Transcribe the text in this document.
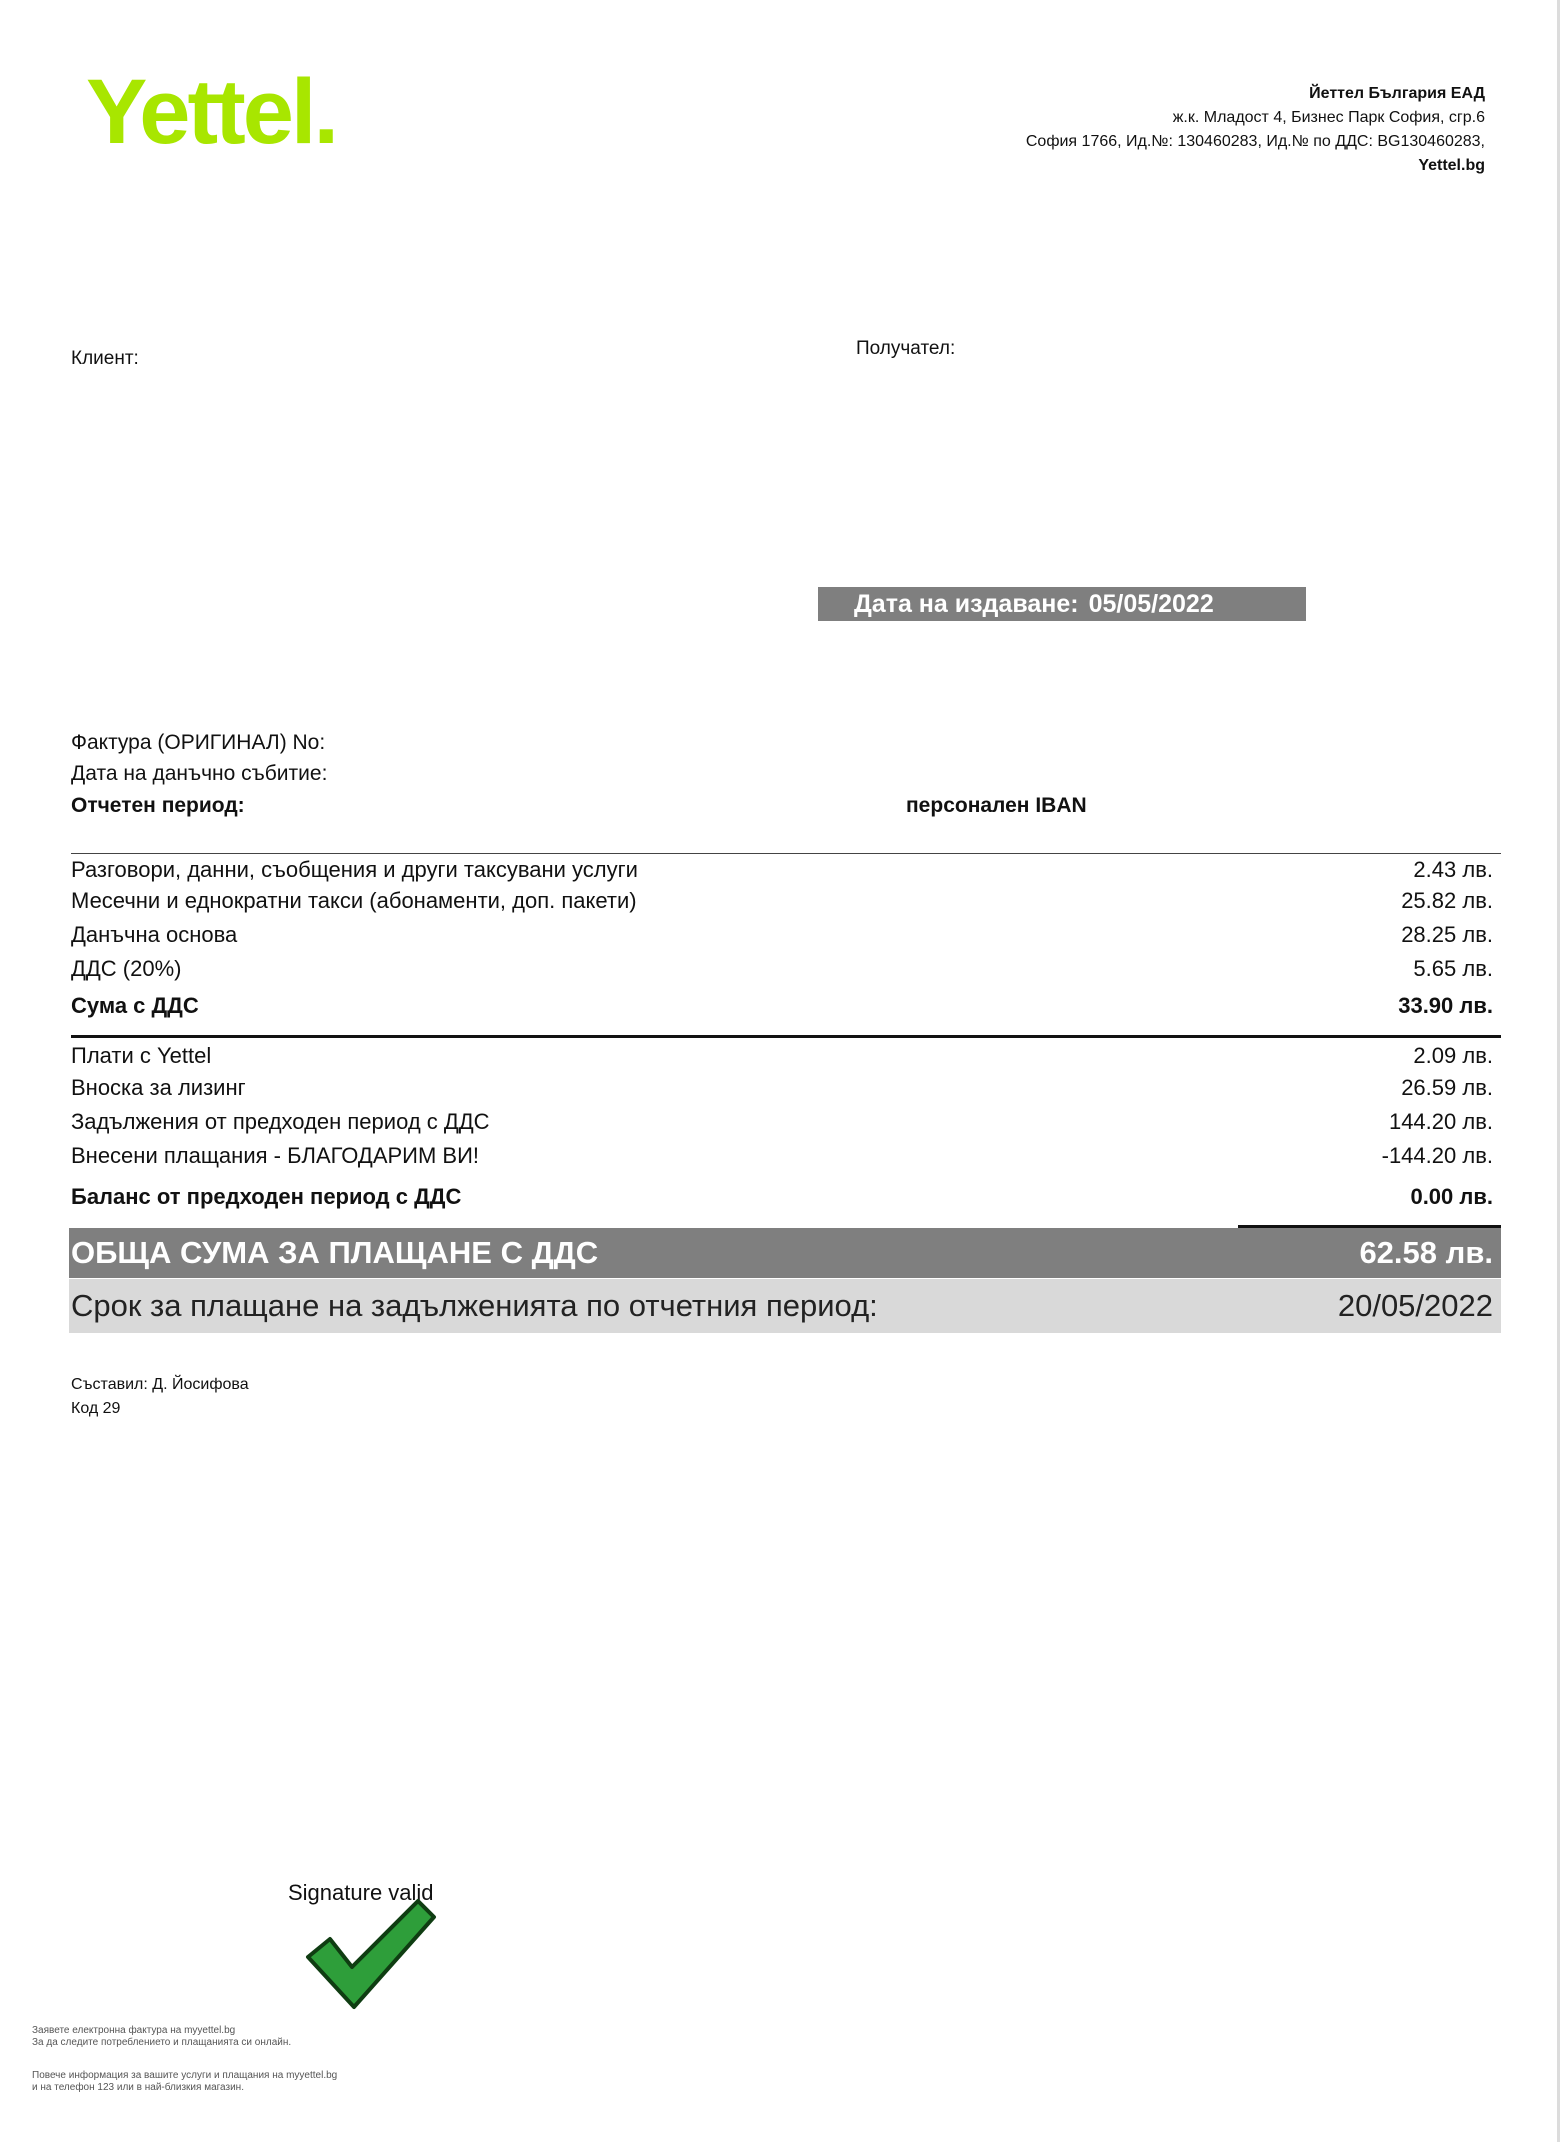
Yettel.	Йеттел България ЕАД
ж.к. Младост 4, Бизнес Парк София, сгр.6
София 1766, Ид.№: 130460283, Ид.№ по ДДС: BG130460283,
Yettel.bg
Клиент:	Получател:
Дата на издаване: 05/05/2022
Фактура (ОРИГИНАЛ) No:
Дата на данъчно събитие:
Отчетен период:	персонален IBAN
Разговори, данни, съобщения и други таксувани услуги	2.43 лв.
Месечни и еднократни такси (абонаменти, доп. пакети)	25.82 лв.
Данъчна основа	28.25 лв.
ДДС (20%)	5.65 лв.
Сума с ДДС	33.90 лв.
Плати с Yettel	2.09 лв.
Вноска за лизинг	26.59 лв.
Задължения от предходен период с ДДС	144.20 лв.
Внесени плащания - БЛАГОДАРИМ ВИ!	-144.20 лв.
Баланс от предходен период с ДДС	0.00 лв.
ОБЩА СУМА ЗА ПЛАЩАНЕ С ДДС	62.58 лв.
Срок за плащане на задълженията по отчетния период:	20/05/2022
Съставил: Д. Йосифова
Код 29
Signature valid
Заявете електронна фактура на myyettel.bg
За да следите потреблението и плащанията си онлайн.
Повече информация за вашите услуги и плащания на myyettel.bg
и на телефон 123 или в най-близкия магазин.
